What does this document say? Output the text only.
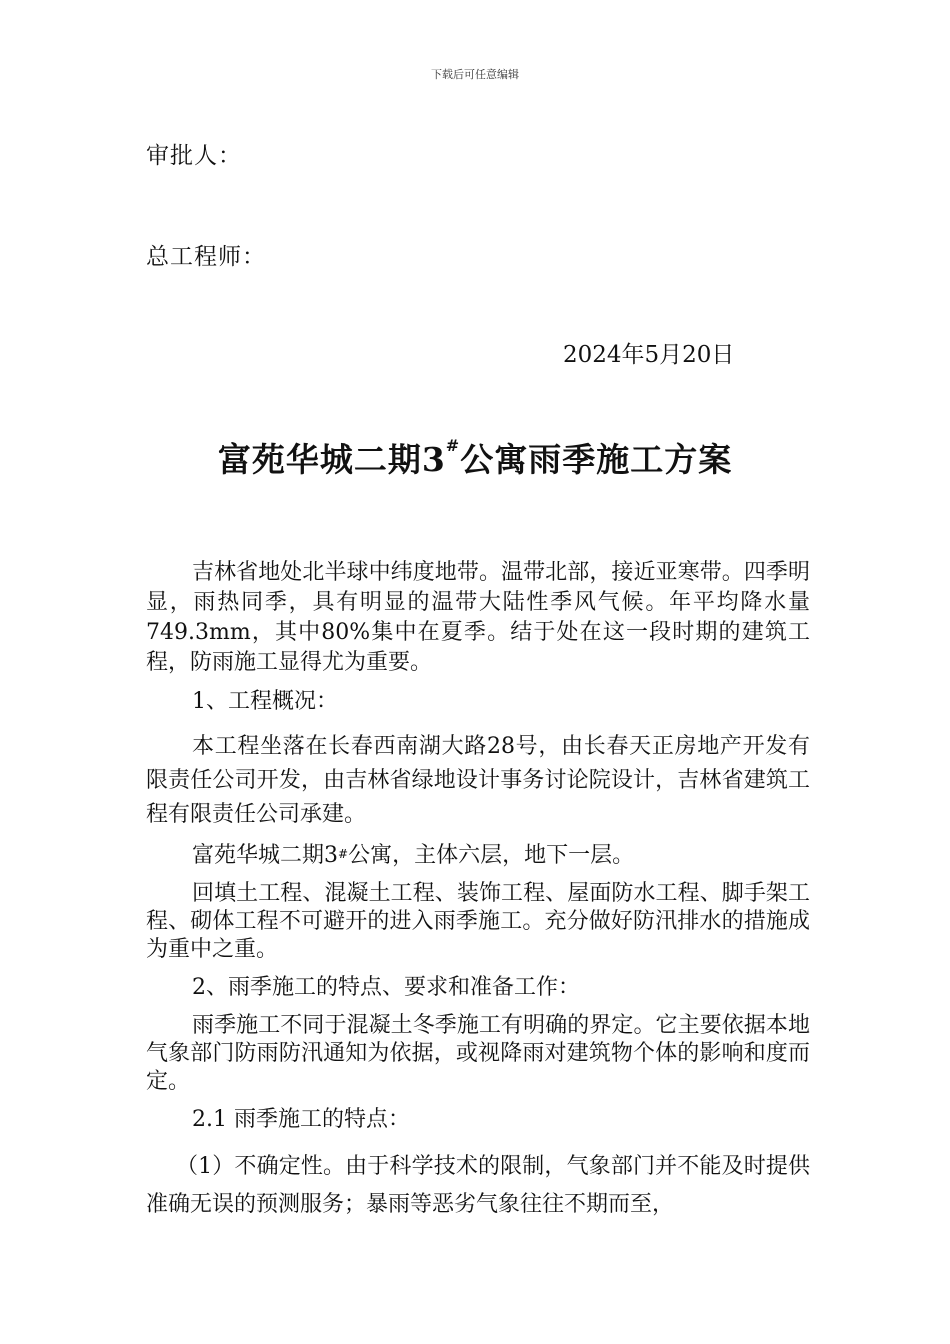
下载后可任意编辑
审批人：
总工程师：
2024年5月20日
富苑华城二期3#公寓雨季施工方案

吉林省地处北半球中纬度地带。温带北部，接近亚寒带。四季明显，雨热同季，具有明显的温带大陆性季风气候。年平均降水量749.3mm，其中80%集中在夏季。结于处在这一段时期的建筑工程，防雨施工显得尤为重要。

1、工程概况：

本工程坐落在长春西南湖大路28号，由长春天正房地产开发有限责任公司开发，由吉林省绿地设计事务讨论院设计，吉林省建筑工程有限责任公司承建。

富苑华城二期3#公寓，主体六层，地下一层。

回填土工程、混凝土工程、装饰工程、屋面防水工程、脚手架工程、砌体工程不可避开的进入雨季施工。充分做好防汛排水的措施成为重中之重。

2、雨季施工的特点、要求和准备工作：

雨季施工不同于混凝土冬季施工有明确的界定。它主要依据本地气象部门防雨防汛通知为依据，或视降雨对建筑物个体的影响和度而定。

2.1 雨季施工的特点：

（1）不确定性。由于科学技术的限制，气象部门并不能及时提供准确无误的预测服务；暴雨等恶劣气象往往不期而至，
